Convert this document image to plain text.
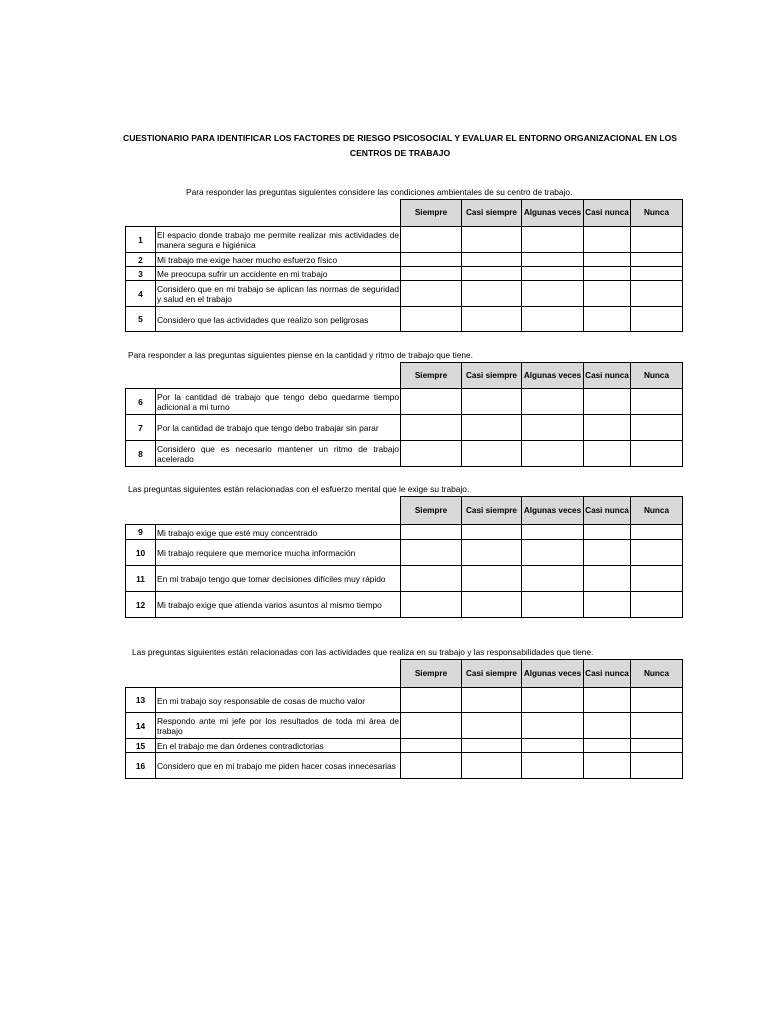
CUESTIONARIO PARA IDENTIFICAR LOS FACTORES DE RIESGO PSICOSOCIAL Y EVALUAR EL ENTORNO ORGANIZACIONAL EN LOS CENTROS DE TRABAJO
Para responder las preguntas siguientes considere las condiciones ambientales de su centro de trabajo.
		Siempre	Casi siempre	Algunas veces	Casi nunca	Nunca
1	El espacio donde trabajo me permite realizar mis actividades de manera segura e higiénica					
2	Mi trabajo me exige hacer mucho esfuerzo físico					
3	Me preocupa sufrir un accidente en mi trabajo					
4	Considero que en mi trabajo se aplican las normas de seguridad y salud en el trabajo					
5	Considero que las actividades que realizo son peligrosas					
Para responder a las preguntas siguientes piense en la cantidad y ritmo de trabajo que tiene.
		Siempre	Casi siempre	Algunas veces	Casi nunca	Nunca
6	Por la cantidad de trabajo que tengo debo quedarme tiempo adicional a mi turno					
7	Por la cantidad de trabajo que tengo debo trabajar sin parar					
8	Considero que es necesario mantener un ritmo de trabajo acelerado					
Las preguntas siguientes están relacionadas con el esfuerzo mental que le exige su trabajo.
		Siempre	Casi siempre	Algunas veces	Casi nunca	Nunca
9	Mi trabajo exige que esté muy concentrado					
10	Mi trabajo requiere que memorice mucha información					
11	En mi trabajo tengo que tomar decisiones difíciles muy rápido					
12	Mi trabajo exige que atienda varios asuntos al mismo tiempo					
Las preguntas siguientes están relacionadas con las actividades que realiza en su trabajo y las responsabilidades que tiene.
		Siempre	Casi siempre	Algunas veces	Casi nunca	Nunca
13	En mi trabajo soy responsable de cosas de mucho valor					
14	Respondo ante mi jefe por los resultados de toda mi área de trabajo					
15	En el trabajo me dan órdenes contradictorias					
16	Considero que en mi trabajo me piden hacer cosas innecesarias					
